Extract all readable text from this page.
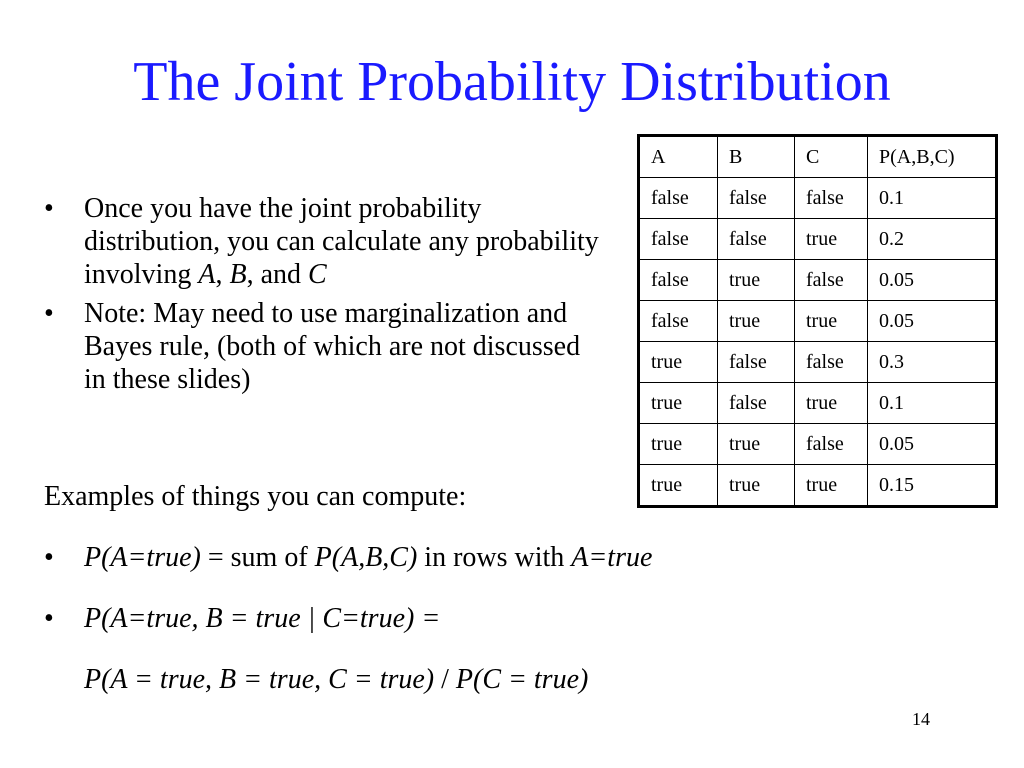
The Joint Probability Distribution
• Once you have the joint probability distribution, you can calculate any probability involving A, B, and C
• Note: May need to use marginalization and Bayes rule, (both of which are not discussed in these slides)

Examples of things you can compute:

• P(A=true) = sum of P(A,B,C) in rows with A=true
• P(A=true, B = true | C=true) =
P(A = true, B = true, C = true) / P(C = true)
A	B	C	P(A,B,C)
false	false	false	0.1
false	false	true	0.2
false	true	false	0.05
false	true	true	0.05
true	false	false	0.3
true	false	true	0.1
true	true	false	0.05
true	true	true	0.15

14
